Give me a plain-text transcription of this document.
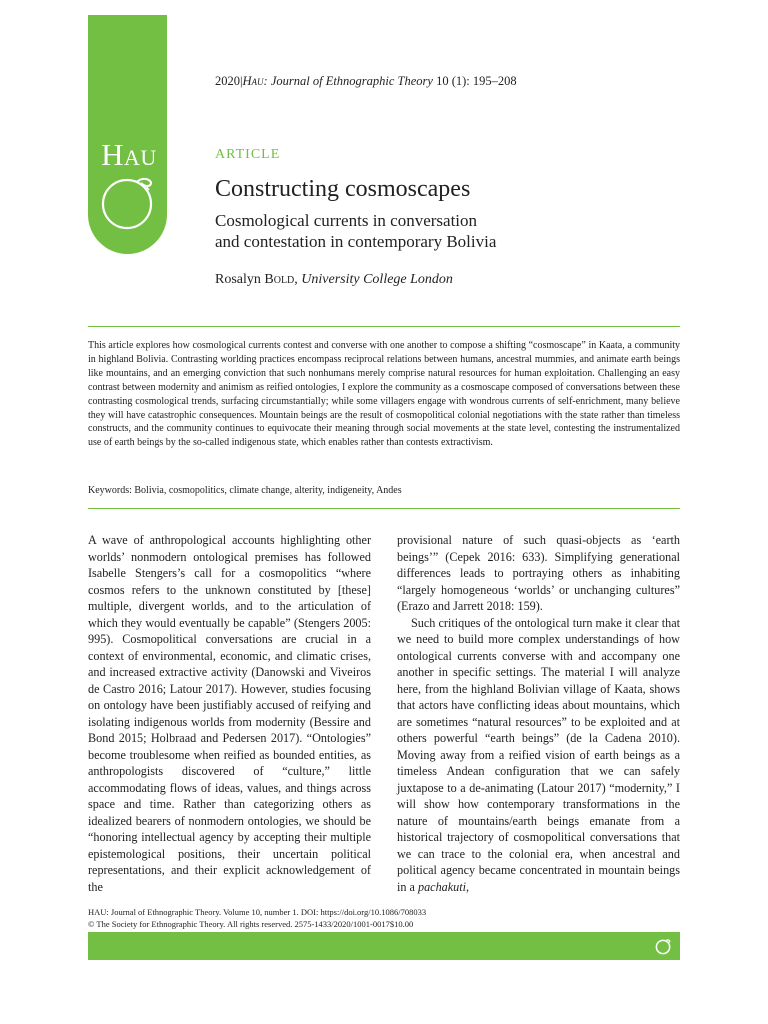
Hau
2020|Hau: Journal of Ethnographic Theory 10 (1): 195–208
ARTICLE
Constructing cosmoscapes
Cosmological currents in conversation
and contestation in contemporary Bolivia
Rosalyn Bold, University College London

This article explores how cosmological currents contest and converse with one another to compose a shifting “cosmoscape” in Kaata, a community in highland Bolivia. Contrasting worlding practices encompass reciprocal relations between humans, ancestral mummies, and animate earth beings like mountains, and an emerging conviction that such nonhumans merely comprise natural resources for human exploitation. Challenging an easy contrast between modernity and animism as reified ontologies, I explore the community as a cosmoscape composed of conversations between these contrasting cosmological trends, surfacing circumstantially; while some villagers engage with wondrous currents of self-enrichment, many believe they will have catastrophic consequences. Mountain beings are the result of cosmopolitical colonial negotiations with the state rather than timeless constructs, and the community continues to equivocate their meaning through social movements at the state level, contesting the instrumentalized use of earth beings by the so-called indigenous state, which enables rather than contests extractivism.

Keywords: Bolivia, cosmopolitics, climate change, alterity, indigeneity, Andes

A wave of anthropological accounts highlighting other worlds’ nonmodern ontological premises has followed Isabelle Stengers’s call for a cosmopolitics “where cosmos refers to the unknown constituted by [these] multiple, divergent worlds, and to the articulation of which they would eventually be capable” (Stengers 2005: 995). Cosmopolitical conversations are crucial in a context of environmental, economic, and climatic crises, and increased extractive activity (Danowski and Viveiros de Castro 2016; Latour 2017). However, studies focusing on ontology have been justifiably accused of reifying and isolating indigenous worlds from modernity (Bessire and Bond 2015; Holbraad and Pedersen 2017). “Ontologies” become troublesome when reified as bounded entities, as anthropologists discovered of “culture,” little accommodating flows of ideas, values, and things across space and time. Rather than categorizing others as idealized bearers of nonmodern ontologies, we should be “honoring intellectual agency by accepting their multiple epistemological positions, their uncertain political representations, and their explicit acknowledgement of the

provisional nature of such quasi-objects as ‘earth beings’” (Cepek 2016: 633). Simplifying generational differences leads to portraying others as inhabiting “largely homogeneous ‘worlds’ or unchanging cultures” (Erazo and Jarrett 2018: 159).

Such critiques of the ontological turn make it clear that we need to build more complex understandings of how ontological currents converse with and accompany one another in specific settings. The material I will analyze here, from the highland Bolivian village of Kaata, shows that actors have conflicting ideas about mountains, which are sometimes “natural resources” to be exploited and at others powerful “earth beings” (de la Cadena 2010). Moving away from a reified vision of earth beings as a timeless Andean configuration that we can safely juxtapose to a de-animating (Latour 2017) “modernity,” I will show how contemporary transformations in the nature of mountains/earth beings emanate from a historical trajectory of cosmopolitical conversations that we can trace to the colonial era, when ancestral and political agency became concentrated in mountain beings in a pachakuti,

HAU: Journal of Ethnographic Theory. Volume 10, number 1. DOI: https://doi.org/10.1086/708033
© The Society for Ethnographic Theory. All rights reserved. 2575-1433/2020/1001-0017$10.00
